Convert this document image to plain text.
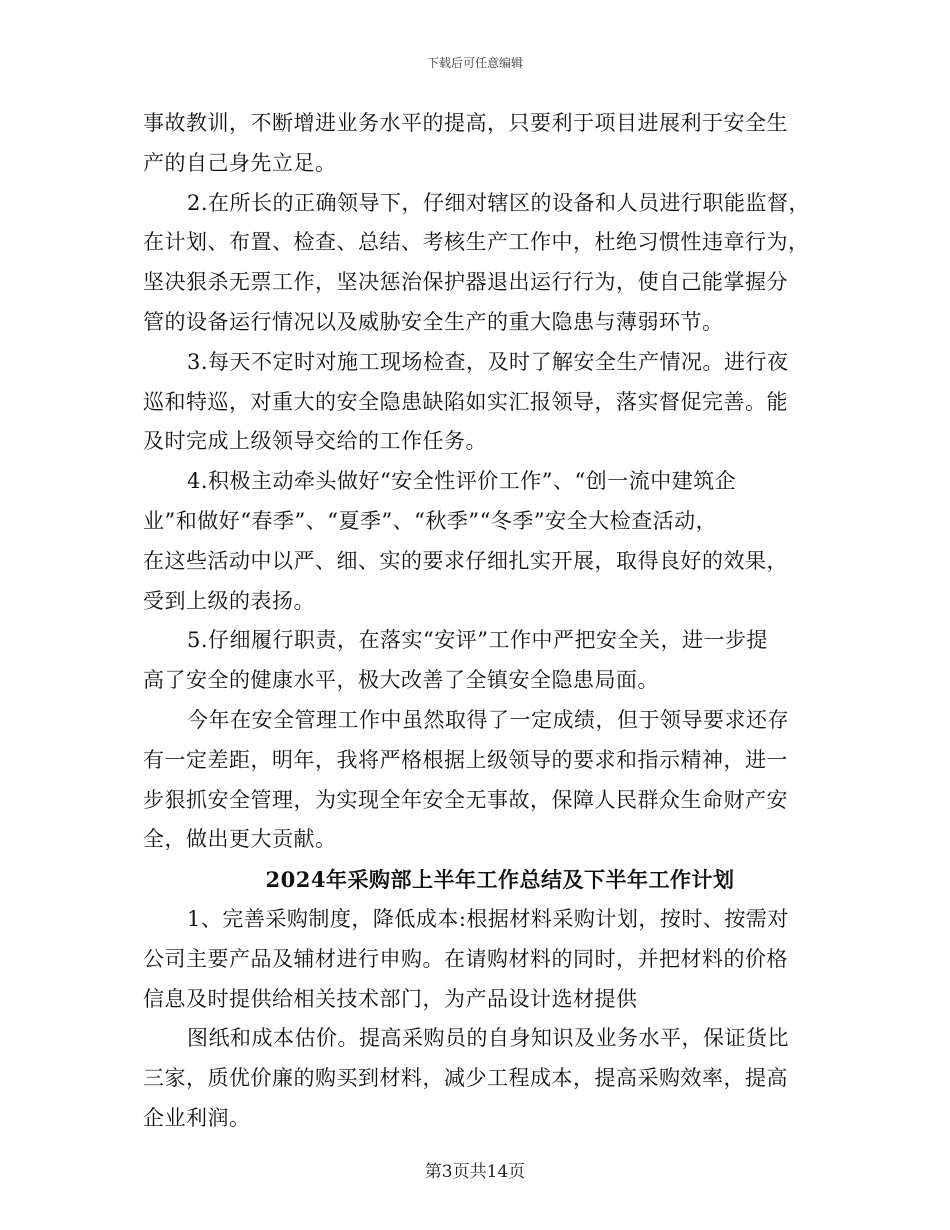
下载后可任意编辑
事故教训，不断增进业务水平的提高，只要利于项目进展利于安全生
产的自己身先立足。
2.在所长的正确领导下，仔细对辖区的设备和人员进行职能监督，
在计划、布置、检查、总结、考核生产工作中，杜绝习惯性违章行为，
坚决狠杀无票工作，坚决惩治保护器退出运行行为，使自己能掌握分
管的设备运行情况以及威胁安全生产的重大隐患与薄弱环节。
3.每天不定时对施工现场检查，及时了解安全生产情况。进行夜
巡和特巡，对重大的安全隐患缺陷如实汇报领导，落实督促完善。能
及时完成上级领导交给的工作任务。
4.积极主动牵头做好“安全性评价工作”、“创一流中建筑企
业”和做好“春季”、“夏季”、“秋季”“冬季”安全大检查活动，
在这些活动中以严、细、实的要求仔细扎实开展，取得良好的效果，
受到上级的表扬。
5.仔细履行职责，在落实“安评”工作中严把安全关，进一步提
高了安全的健康水平，极大改善了全镇安全隐患局面。
今年在安全管理工作中虽然取得了一定成绩，但于领导要求还存
有一定差距，明年，我将严格根据上级领导的要求和指示精神，进一
步狠抓安全管理，为实现全年安全无事故，保障人民群众生命财产安
全，做出更大贡献。
2024年采购部上半年工作总结及下半年工作计划
1、完善采购制度，降低成本:根据材料采购计划，按时、按需对
公司主要产品及辅材进行申购。在请购材料的同时，并把材料的价格
信息及时提供给相关技术部门，为产品设计选材提供
图纸和成本估价。提高采购员的自身知识及业务水平，保证货比
三家，质优价廉的购买到材料，减少工程成本，提高采购效率，提高
企业利润。
第3页共14页
